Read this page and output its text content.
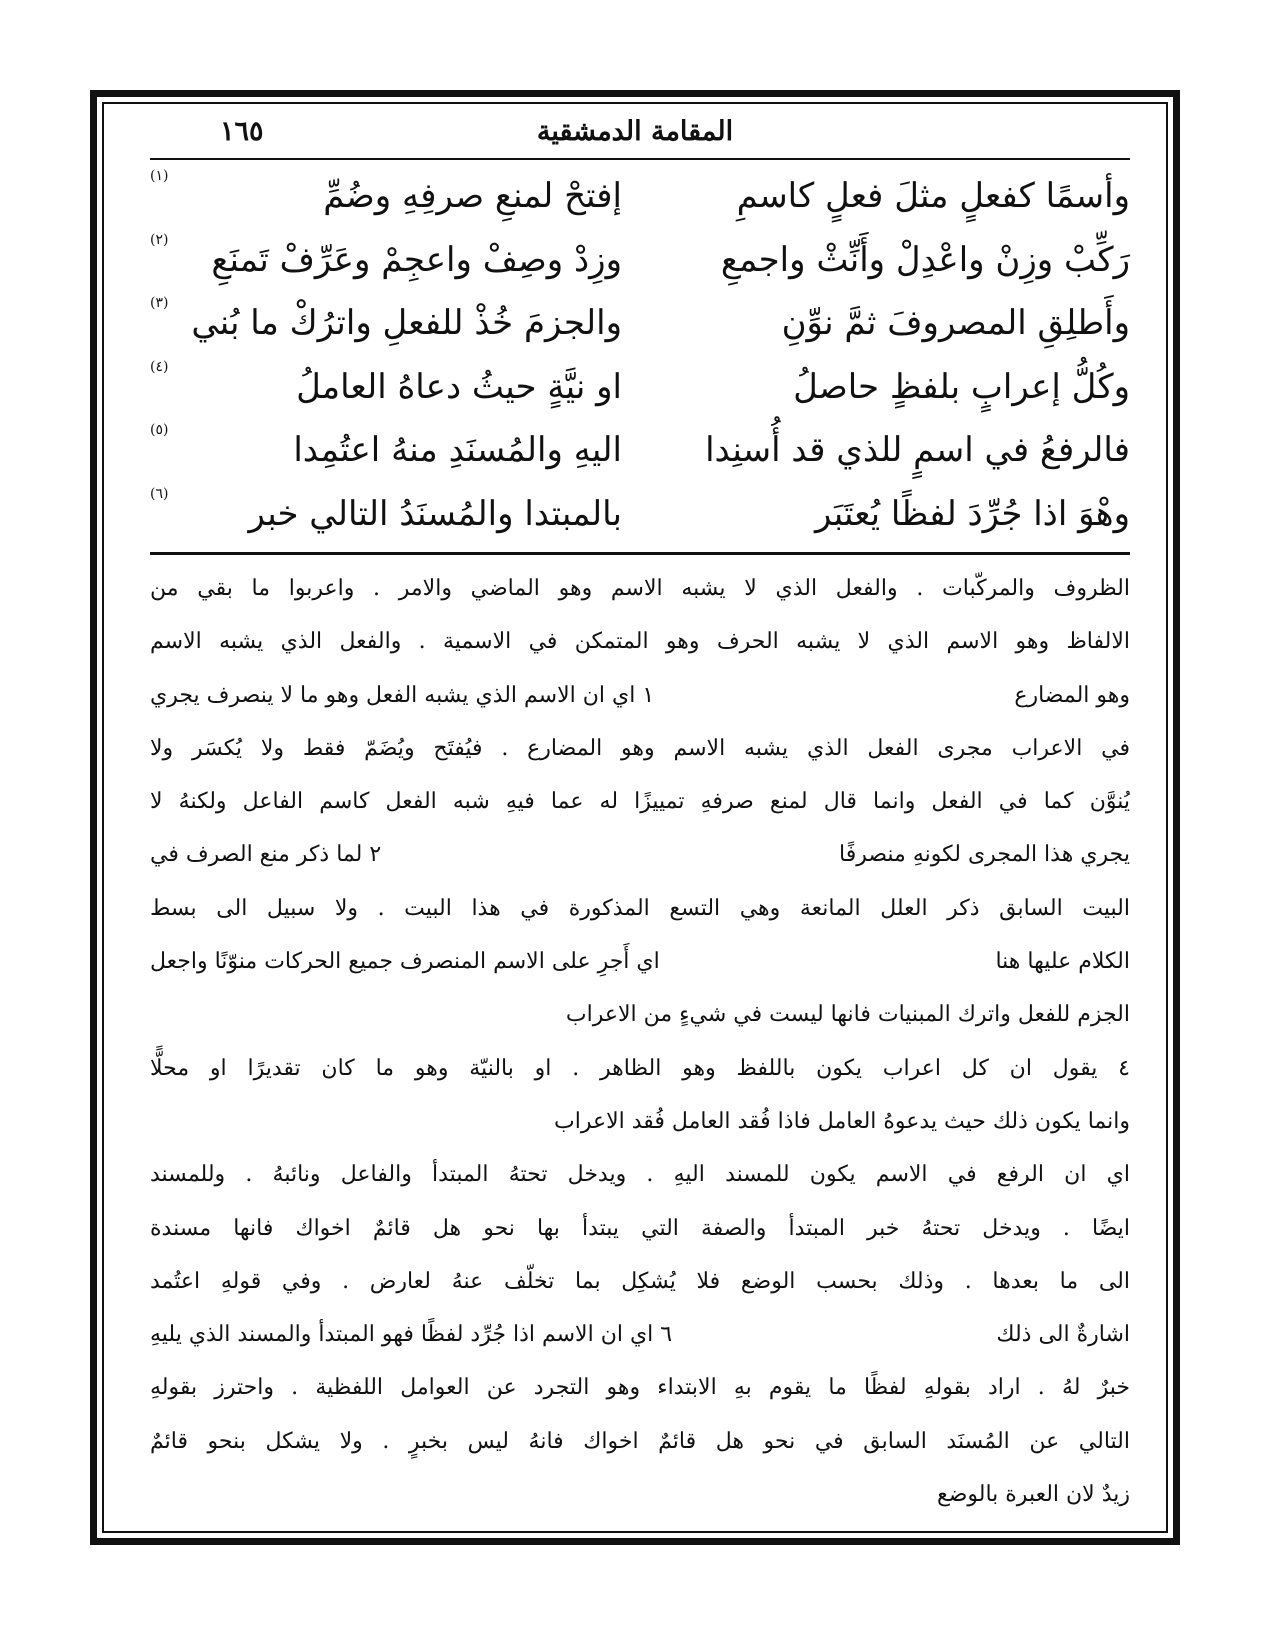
المقامة الدمشقية
١٦٥
وأسمًا كفعلٍ مثلَ فعلٍ كاسمِ
إفتحْ لمنعِ صرفِهِ وضُمِّ
(١)
رَكِّبْ وزِنْ واعْدِلْ وأَنِّثْ واجمعِ
وزِدْ وصِفْ واعجِمْ وعَرِّفْ تَمنَعِ
(٢)
وأَطلِقِ المصروفَ ثمَّ نوِّنِ
والجزمَ خُذْ للفعلِ واترُكْ ما بُني
(٣)
وكُلُّ إعرابٍ بلفظٍ حاصلُ
او نيَّةٍ حيثُ دعاهُ العاملُ
(٤)
فالرفعُ في اسمٍ للذي قد أُسنِدا
اليهِ والمُسنَدِ منهُ اعتُمِدا
(٥)
وهْوَ اذا جُرِّدَ لفظًا يُعتَبَر
بالمبتدا والمُسنَدُ التالي خبر
(٦)
الظروف والمركّبات . والفعل الذي لا يشبه الاسم وهو الماضي والامر . واعربوا ما بقي من
الالفاظ وهو الاسم الذي لا يشبه الحرف وهو المتمكن في الاسمية . والفعل الذي يشبه الاسم
وهو المضارع
١ اي ان الاسم الذي يشبه الفعل وهو ما لا ينصرف يجري
في الاعراب مجرى الفعل الذي يشبه الاسم وهو المضارع . فيُفتَح ويُضَمّ فقط ولا يُكسَر ولا
يُنوَّن كما في الفعل وانما قال لمنع صرفهِ تمييزًا له عما فيهِ شبه الفعل كاسم الفاعل ولكنهُ لا
يجري هذا المجرى لكونهِ منصرفًا
٢ لما ذكر منع الصرف في
البيت السابق ذكر العلل المانعة وهي التسع المذكورة في هذا البيت . ولا سبيل الى بسط
الكلام عليها هنا
اي أَجرِ على الاسم المنصرف جميع الحركات منوّنًا واجعل
الجزم للفعل واترك المبنيات فانها ليست في شيءٍ من الاعراب
٤ يقول ان كل اعراب يكون باللفظ وهو الظاهر . او بالنيّة وهو ما كان تقديرًا او محلًّا
وانما يكون ذلك حيث يدعوهُ العامل فاذا فُقد العامل فُقد الاعراب
اي ان الرفع في الاسم يكون للمسند اليهِ . ويدخل تحتهُ المبتدأ والفاعل ونائبهُ . وللمسند
ايضًا . ويدخل تحتهُ خبر المبتدأ والصفة التي يبتدأ بها نحو هل قائمٌ اخواك فانها مسندة
الى ما بعدها . وذلك بحسب الوضع فلا يُشكِل بما تخلّف عنهُ لعارض . وفي قولهِ اعتُمد
اشارةٌ الى ذلك
٦ اي ان الاسم اذا جُرِّد لفظًا فهو المبتدأ والمسند الذي يليهِ
خبرٌ لهُ . اراد بقولهِ لفظًا ما يقوم بهِ الابتداء وهو التجرد عن العوامل اللفظية . واحترز بقولهِ
التالي عن المُسنَد السابق في نحو هل قائمٌ اخواك فانهُ ليس بخبرٍ . ولا يشكل بنحو قائمٌ
زيدٌ لان العبرة بالوضع
